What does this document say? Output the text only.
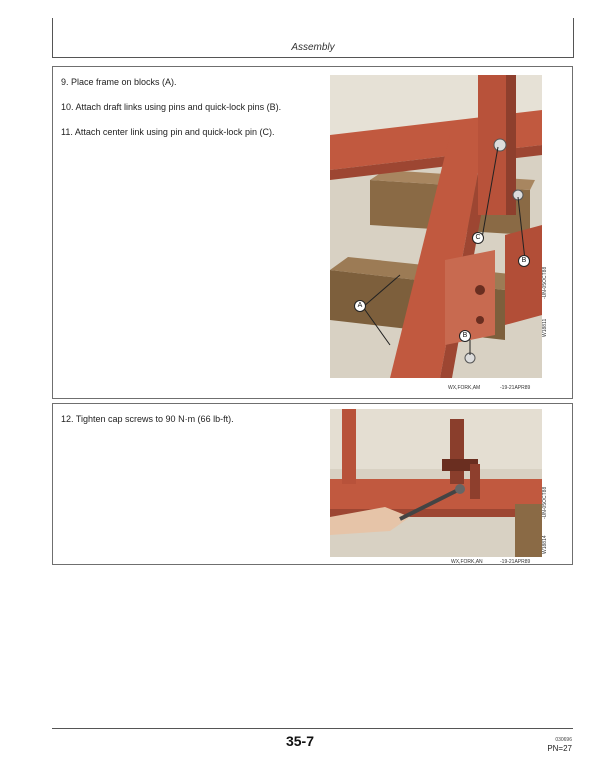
Assembly
9. Place frame on blocks (A).
10. Attach draft links using pins and quick-lock pins (B).
11. Attach center link using pin and quick-lock pin (C).
C
B
A
B	W18811
-UN-05OCT88
WX,FORK,AM	-19-21APR89
12. Tighten cap screws to 90 N·m (66 lb-ft).
W18814
-UN-05OCT88
WX,FORK,AN	-19-21APR89
35-7	030696
PN=27
